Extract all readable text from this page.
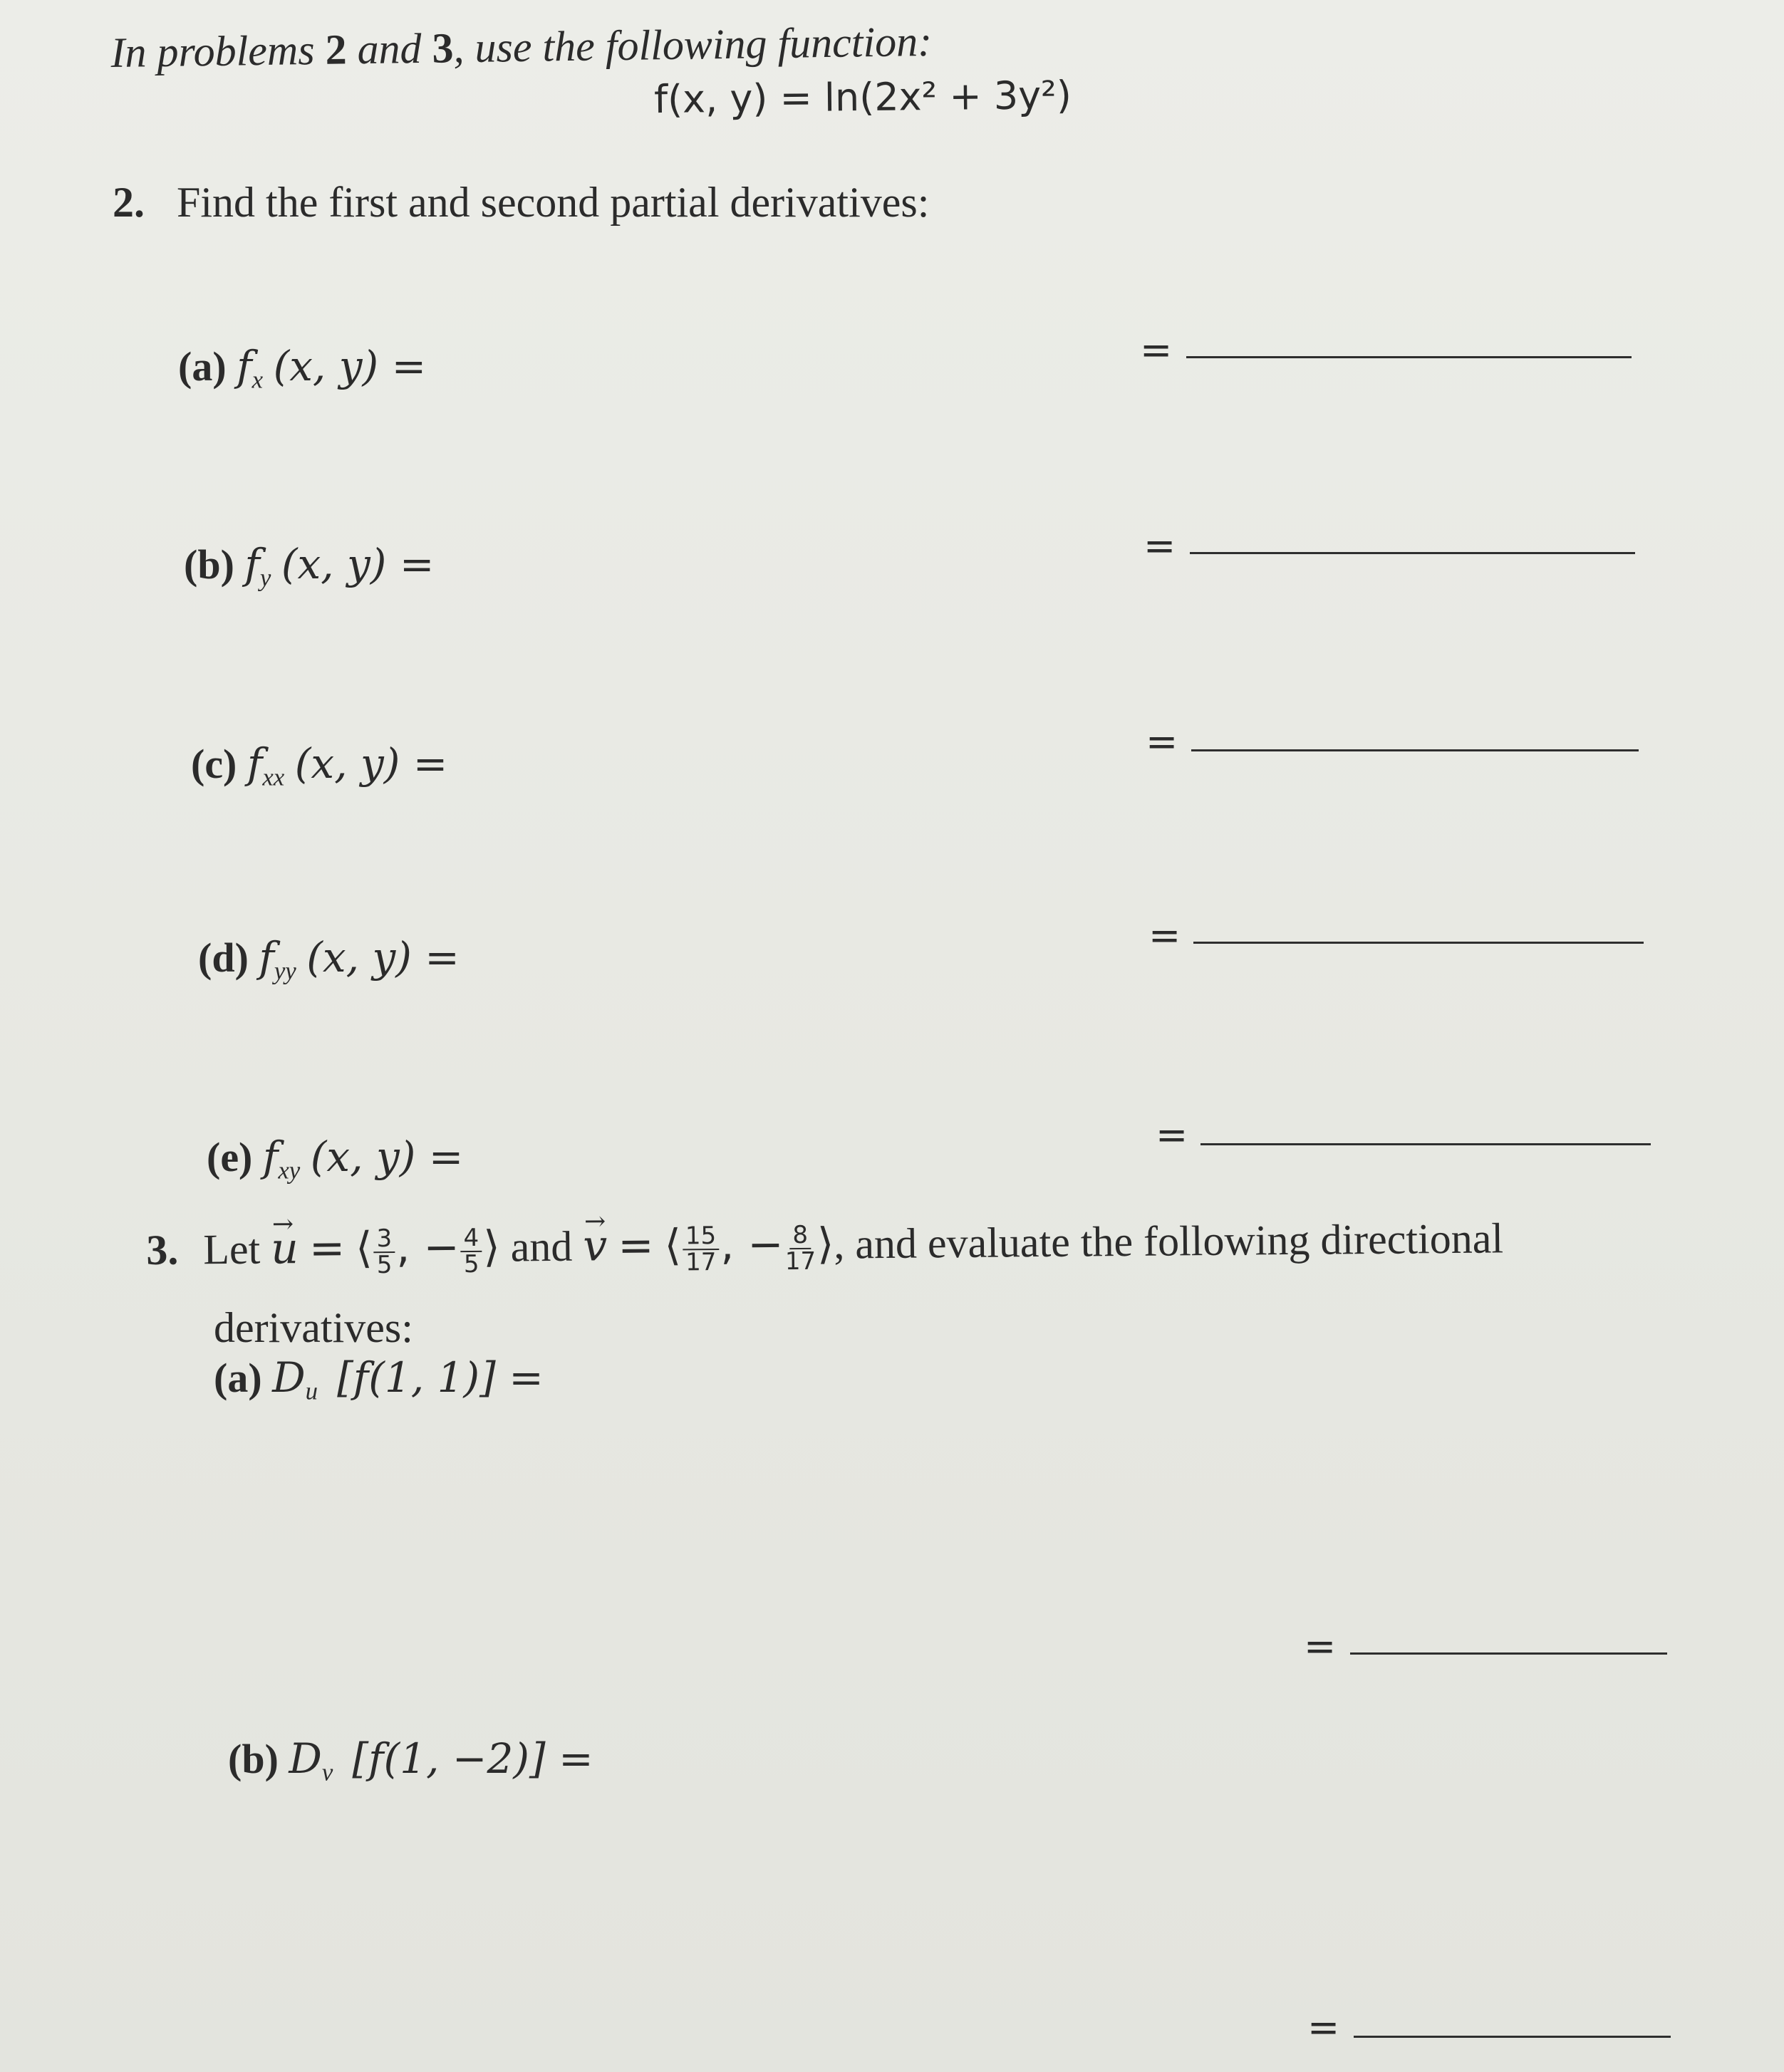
In problems 2 and 3, use the following function:
f(x, y) = ln(2x² + 3y²)
2. Find the first and second partial derivatives:
(a) $f_x$ (x, y) =	=
(b) $f_y$ (x, y) =	=
(c) $f_{xx}$ (x, y) =	=
(d) $f_{yy}$ (x, y) =	=
(e) $f_{xy}$ (x, y) =	=
3. Let → u = ⟨ $\frac{3}{5}$ , − $\frac{4}{5}$ ⟩ and → v = ⟨ $\frac{15}{17}$ , − $\frac{8}{17}$ ⟩, and evaluate the following directional
derivatives:
(a) $D_{u⃗}[f(1$, 1)] =
=
(b) $D_{v⃗}[f(1$, −2)] =
=
